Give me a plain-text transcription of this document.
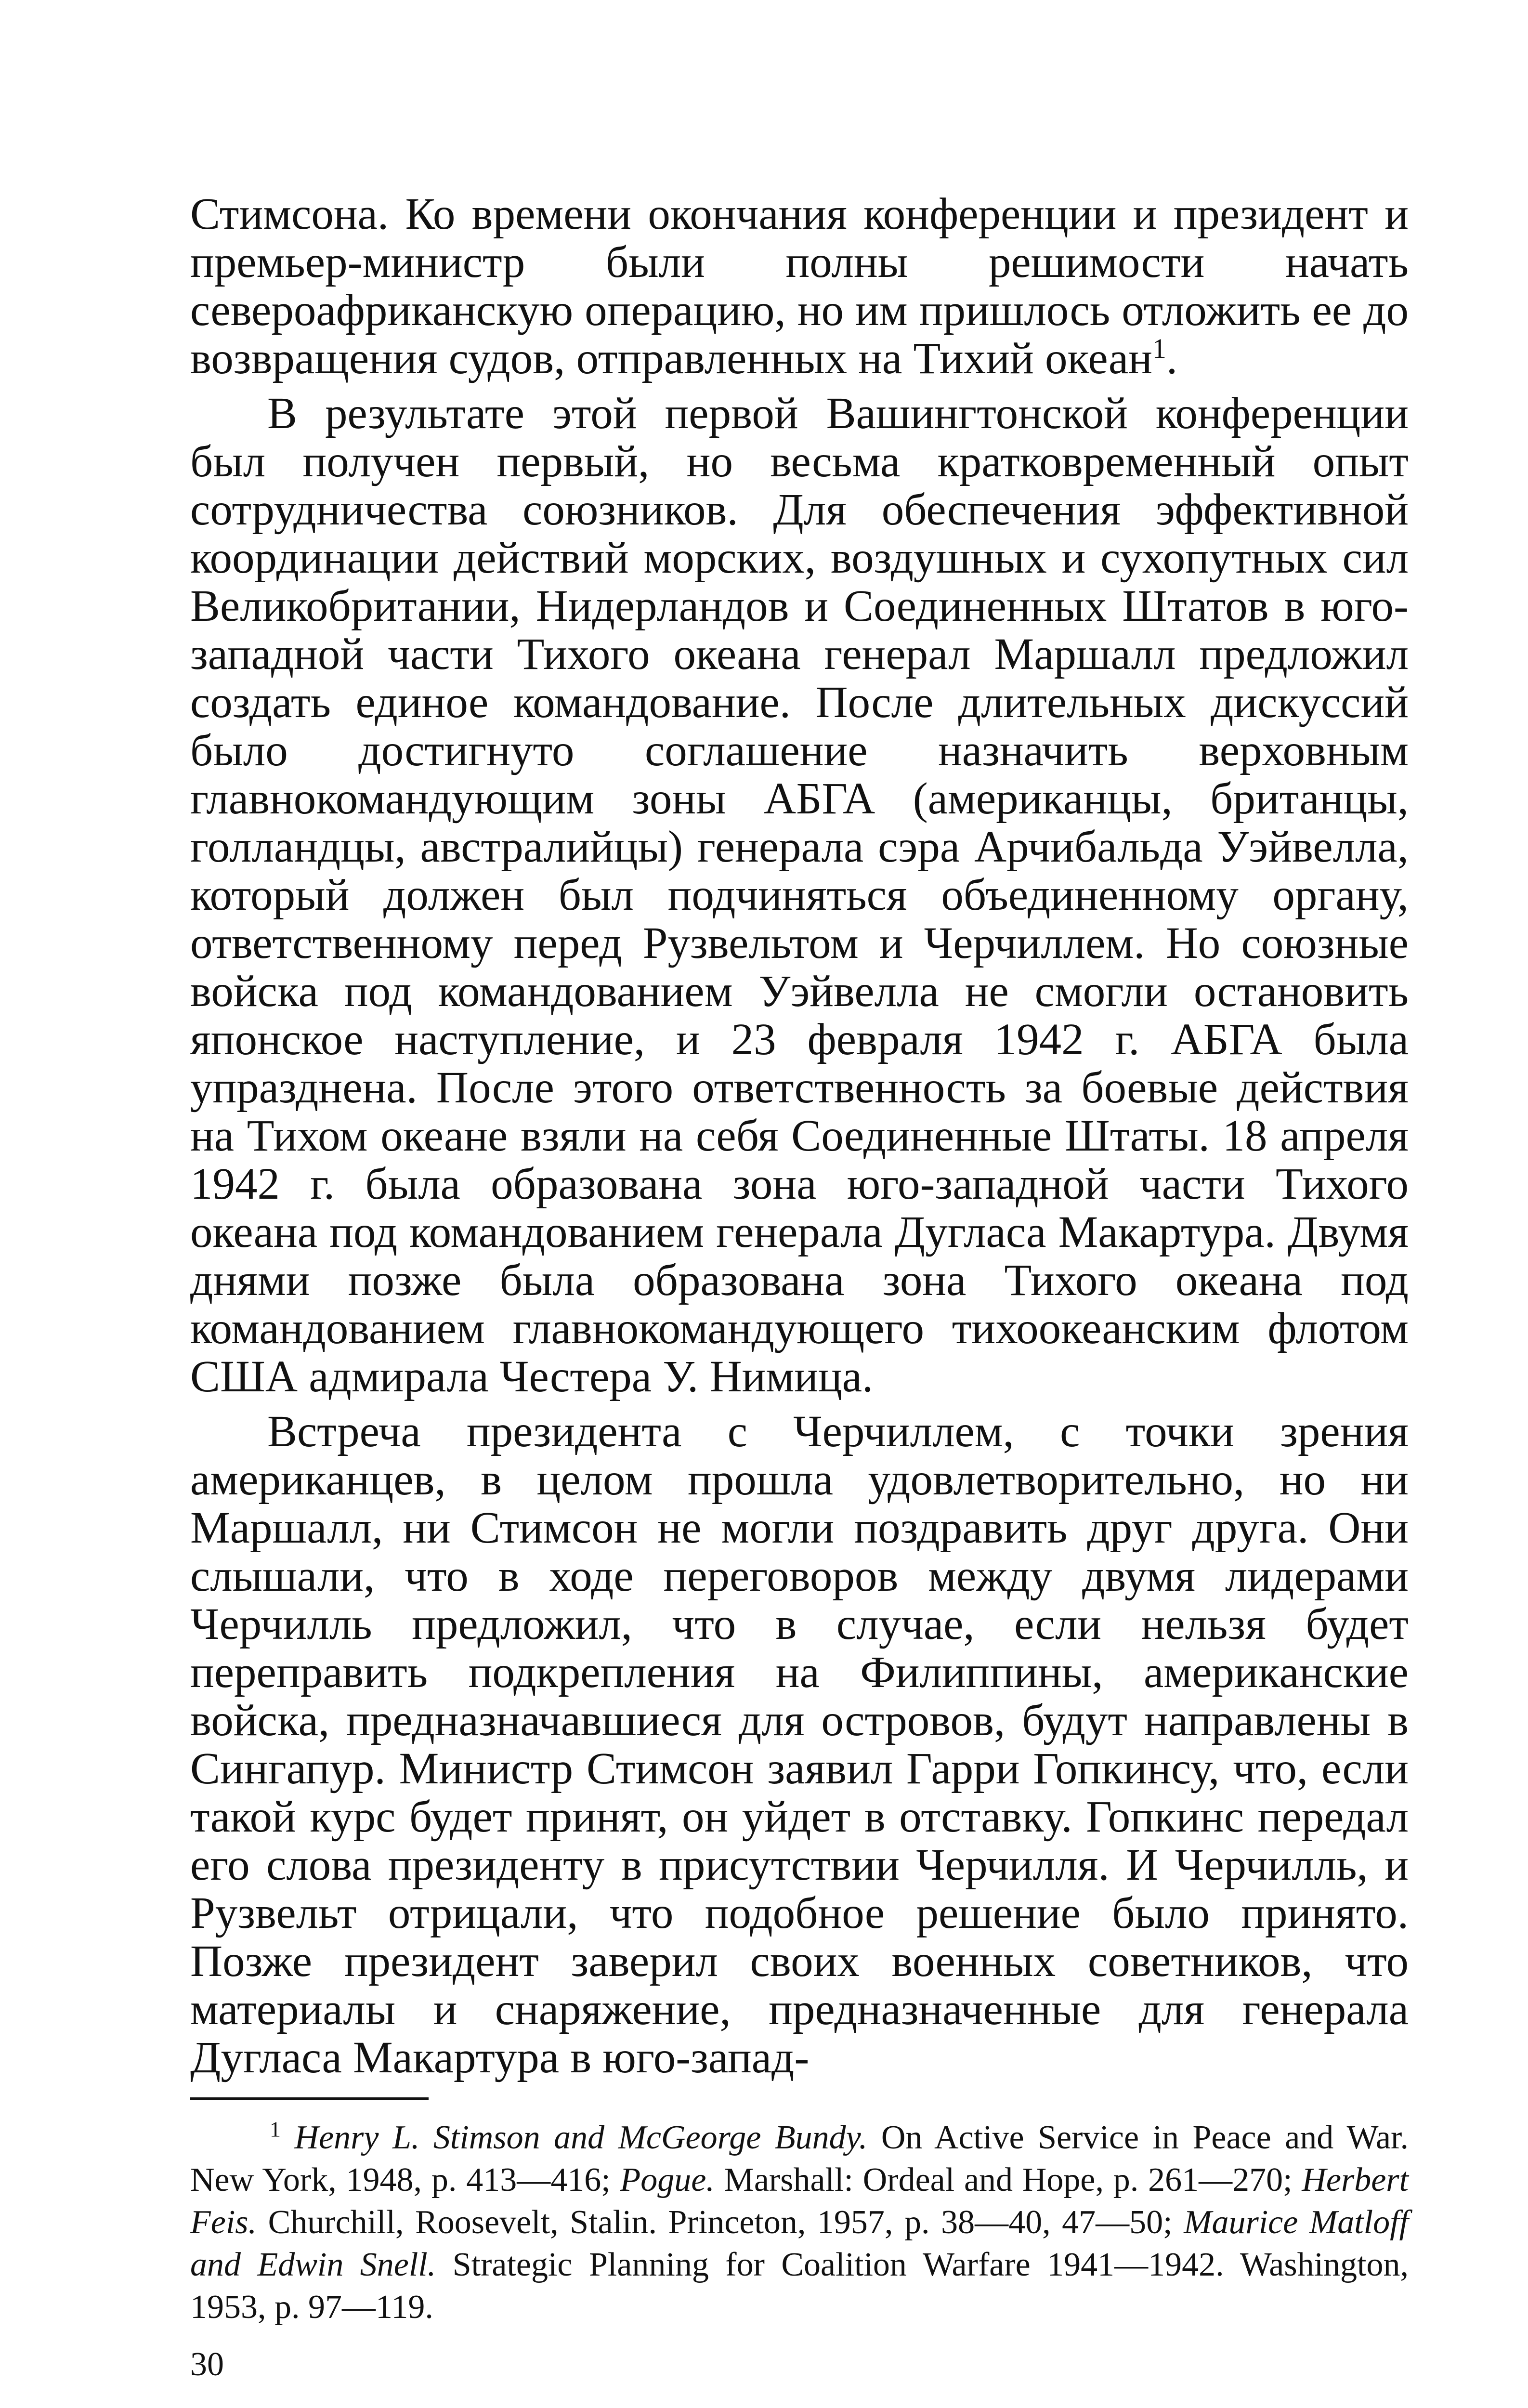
Стимсона. Ко времени окончания конференции и президент и премьер-министр были полны решимости начать североафриканскую операцию, но им пришлось отложить ее до возвращения судов, отправленных на Тихий океан$^1$.

В результате этой первой Вашингтонской конференции был получен первый, но весьма кратковременный опыт сотрудничества союзников. Для обеспечения эффективной координации действий морских, воздушных и сухопутных сил Великобритании, Нидерландов и Соединенных Штатов в юго-западной части Тихого океана генерал Маршалл предложил создать единое командование. После длительных дискуссий было достигнуто соглашение назначить верховным главнокомандующим зоны АБГА (американцы, британцы, голландцы, австралийцы) генерала сэра Арчибальда Уэйвелла, который должен был подчиняться объединенному органу, ответственному перед Рузвельтом и Черчиллем. Но союзные войска под командованием Уэйвелла не смогли остановить японское наступление, и 23 февраля 1942 г. АБГА была упразднена. После этого ответственность за боевые действия на Тихом океане взяли на себя Соединенные Штаты. 18 апреля 1942 г. была образована зона юго-западной части Тихого океана под командованием генерала Дугласа Макартура. Двумя днями позже была образована зона Тихого океана под командованием главнокомандующего тихоокеанским флотом США адмирала Честера У. Нимица.

Встреча президента с Черчиллем, с точки зрения американцев, в целом прошла удовлетворительно, но ни Маршалл, ни Стимсон не могли поздравить друг друга. Они слышали, что в ходе переговоров между двумя лидерами Черчилль предложил, что в случае, если нельзя будет переправить подкрепления на Филиппины, американские войска, предназначавшиеся для островов, будут направлены в Сингапур. Министр Стимсон заявил Гарри Гопкинсу, что, если такой курс будет принят, он уйдет в отставку. Гопкинс передал его слова президенту в присутствии Черчилля. И Черчилль, и Рузвельт отрицали, что подобное решение было принято. Позже президент заверил своих военных советников, что материалы и снаряжение, предназначенные для генерала Дугласа Макартура в юго-запад-

$^1$ Henry L. Stimson and McGeorge Bundy. On Active Service in Peace and War. New York, 1948, p. 413—416; Pogue. Marshall: Ordeal and Hope, p. 261—270; Herbert Feis. Churchill, Roosevelt, Stalin. Princeton, 1957, p. 38—40, 47—50; Maurice Matloff and Edwin Snell. Strategic Planning for Coalition Warfare 1941—1942. Washington, 1953, p. 97—119.

30
